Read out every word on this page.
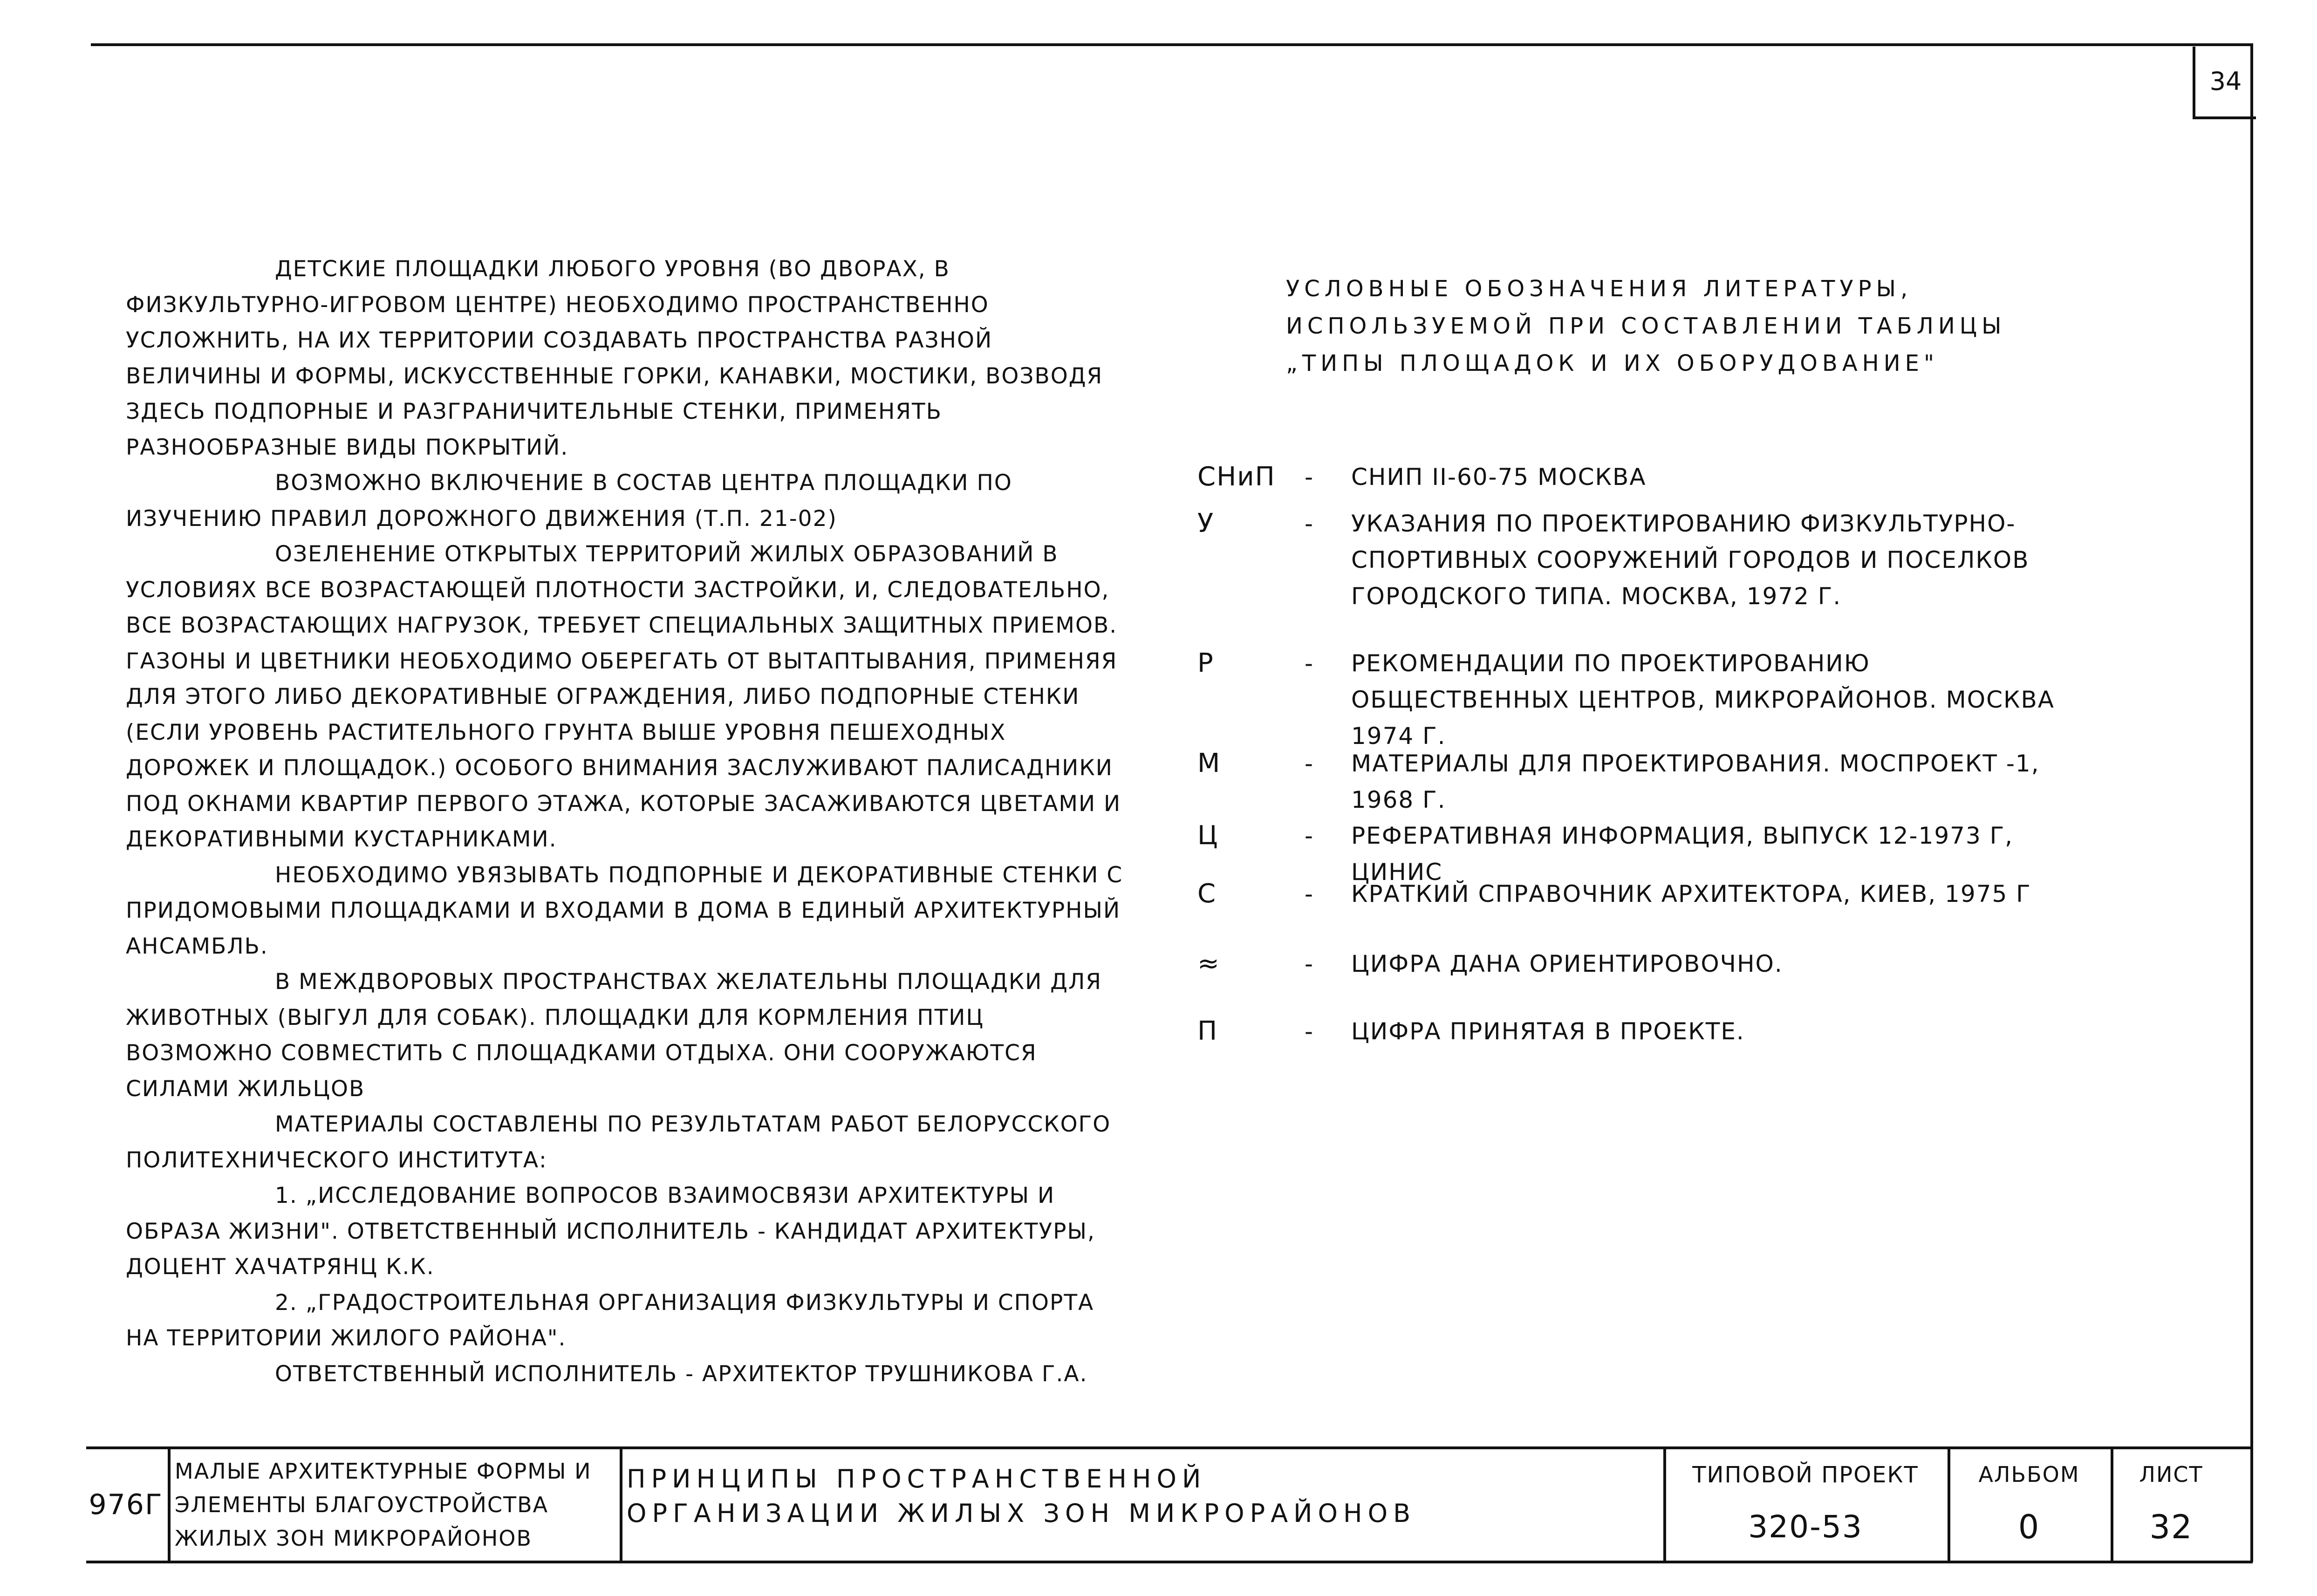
34

ДЕТСКИЕ ПЛОЩАДКИ ЛЮБОГО УРОВНЯ (ВО ДВОРАХ, В ФИЗКУЛЬТУРНО-ИГРОВОМ ЦЕНТРЕ) НЕОБХОДИМО ПРОСТРАНСТВЕННО УСЛОЖНИТЬ, НА ИХ ТЕРРИТОРИИ СОЗДАВАТЬ ПРОСТРАНСТВА РАЗНОЙ ВЕЛИЧИНЫ И ФОРМЫ, ИСКУССТВЕННЫЕ ГОРКИ, КАНАВКИ, МОСТИКИ, ВОЗВОДЯ ЗДЕСЬ ПОДПОРНЫЕ И РАЗГРАНИЧИТЕЛЬНЫЕ СТЕНКИ, ПРИМЕНЯТЬ РАЗНООБРАЗНЫЕ ВИДЫ ПОКРЫТИЙ.

ВОЗМОЖНО ВКЛЮЧЕНИЕ В СОСТАВ ЦЕНТРА ПЛОЩАДКИ ПО ИЗУЧЕНИЮ ПРАВИЛ ДОРОЖНОГО ДВИЖЕНИЯ (Т.П. 21-02)

ОЗЕЛЕНЕНИЕ ОТКРЫТЫХ ТЕРРИТОРИЙ ЖИЛЫХ ОБРАЗОВАНИЙ В УСЛОВИЯХ ВСЕ ВОЗРАСТАЮЩЕЙ ПЛОТНОСТИ ЗАСТРОЙКИ, И, СЛЕДОВАТЕЛЬНО, ВСЕ ВОЗРАСТАЮЩИХ НАГРУЗОК, ТРЕБУЕТ СПЕЦИАЛЬНЫХ ЗАЩИТНЫХ ПРИЕМОВ. ГАЗОНЫ И ЦВЕТНИКИ НЕОБХОДИМО ОБЕРЕГАТЬ ОТ ВЫТАПТЫВАНИЯ, ПРИМЕНЯЯ ДЛЯ ЭТОГО ЛИБО ДЕКОРАТИВНЫЕ ОГРАЖДЕНИЯ, ЛИБО ПОДПОРНЫЕ СТЕНКИ (ЕСЛИ УРОВЕНЬ РАСТИТЕЛЬНОГО ГРУНТА ВЫШЕ УРОВНЯ ПЕШЕХОДНЫХ ДОРОЖЕК И ПЛОЩАДОК.) ОСОБОГО ВНИМАНИЯ ЗАСЛУЖИВАЮТ ПАЛИСАДНИКИ ПОД ОКНАМИ КВАРТИР ПЕРВОГО ЭТАЖА, КОТОРЫЕ ЗАСАЖИВАЮТСЯ ЦВЕТАМИ И ДЕКОРАТИВНЫМИ КУСТАРНИКАМИ.

НЕОБХОДИМО УВЯЗЫВАТЬ ПОДПОРНЫЕ И ДЕКОРАТИВНЫЕ СТЕНКИ С ПРИДОМОВЫМИ ПЛОЩАДКАМИ И ВХОДАМИ В ДОМА В ЕДИНЫЙ АРХИТЕКТУРНЫЙ АНСАМБЛЬ.

В МЕЖДВОРОВЫХ ПРОСТРАНСТВАХ ЖЕЛАТЕЛЬНЫ ПЛОЩАДКИ ДЛЯ ЖИВОТНЫХ (ВЫГУЛ ДЛЯ СОБАК). ПЛОЩАДКИ ДЛЯ КОРМЛЕНИЯ ПТИЦ ВОЗМОЖНО СОВМЕСТИТЬ С ПЛОЩАДКАМИ ОТДЫХА. ОНИ СООРУЖАЮТСЯ СИЛАМИ ЖИЛЬЦОВ

МАТЕРИАЛЫ СОСТАВЛЕНЫ ПО РЕЗУЛЬТАТАМ РАБОТ БЕЛОРУССКОГО ПОЛИТЕХНИЧЕСКОГО ИНСТИТУТА:

1. „ИССЛЕДОВАНИЕ ВОПРОСОВ ВЗАИМОСВЯЗИ АРХИТЕКТУРЫ И ОБРАЗА ЖИЗНИ". ОТВЕТСТВЕННЫЙ ИСПОЛНИТЕЛЬ - КАНДИДАТ АРХИТЕКТУРЫ, ДОЦЕНТ ХАЧАТРЯНЦ К.К.

2. „ГРАДОСТРОИТЕЛЬНАЯ ОРГАНИЗАЦИЯ ФИЗКУЛЬТУРЫ И СПОРТА НА ТЕРРИТОРИИ ЖИЛОГО РАЙОНА".

ОТВЕТСТВЕННЫЙ ИСПОЛНИТЕЛЬ - АРХИТЕКТОР ТРУШНИКОВА Г.А.

УСЛОВНЫЕ ОБОЗНАЧЕНИЯ ЛИТЕРАТУРЫ, ИСПОЛЬЗУЕМОЙ ПРИ СОСТАВЛЕНИИ ТАБЛИЦЫ „ТИПЫ ПЛОЩАДОК И ИХ ОБОРУДОВАНИЕ"
СНиП - СНИП II-60-75 МОСКВА
У	- УКАЗАНИЯ ПО ПРОЕКТИРОВАНИЮ ФИЗКУЛЬТУРНО-СПОРТИВНЫХ СООРУЖЕНИЙ ГОРОДОВ И ПОСЕЛКОВ ГОРОДСКОГО ТИПА. МОСКВА, 1972 Г.
Р	- РЕКОМЕНДАЦИИ ПО ПРОЕКТИРОВАНИЮ ОБЩЕСТВЕННЫХ ЦЕНТРОВ, МИКРОРАЙОНОВ. МОСКВА 1974 Г.
М	- МАТЕРИАЛЫ ДЛЯ ПРОЕКТИРОВАНИЯ. МОСПРОЕКТ -1, 1968 Г.
Ц	- РЕФЕРАТИВНАЯ ИНФОРМАЦИЯ, ВЫПУСК 12-1973 Г, ЦИНИС
С	- КРАТКИЙ СПРАВОЧНИК АРХИТЕКТОРА, КИЕВ, 1975 Г
≈	- ЦИФРА ДАНА ОРИЕНТИРОВОЧНО.
П	- ЦИФРА ПРИНЯТАЯ В ПРОЕКТЕ.
976Г
МАЛЫЕ АРХИТЕКТУРНЫЕ ФОРМЫ И ЭЛЕМЕНТЫ БЛАГОУСТРОЙСТВА ЖИЛЫХ ЗОН МИКРОРАЙОНОВ
ПРИНЦИПЫ ПРОСТРАНСТВЕННОЙ ОРГАНИЗАЦИИ ЖИЛЫХ ЗОН МИКРОРАЙОНОВ
ТИПОВОЙ ПРОЕКТ
320-53
АЛЬБОМ
0
ЛИСТ
32
